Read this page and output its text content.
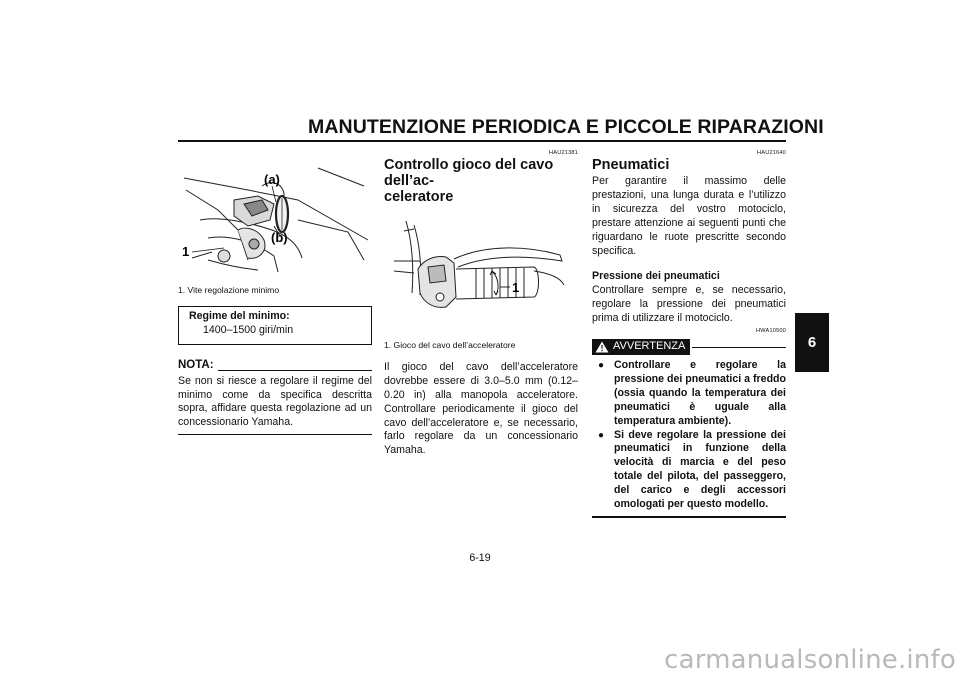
MANUTENZIONE PERIODICA E PICCOLE RIPARAZIONI
6
(a)
(b)
1
1. Vite regolazione minimo
Regime del minimo:
1400–1500 giri/min
NOTA:
Se non si riesce a regolare il regime del minimo come da specifica descritta sopra, affidare questa regolazione ad un concessionario Yamaha.
HAU21381
Controllo gioco del cavo dell’ac-
celeratore
1
1. Gioco del cavo dell’acceleratore
Il gioco del cavo dell’acceleratore dovrebbe essere di 3.0–5.0 mm (0.12–0.20 in) alla manopola acceleratore. Controllare periodicamente il gioco del cavo dell’acceleratore e, se necessario, farlo regolare da un concessionario Yamaha.
HAU21640
Pneumatici
Per garantire il massimo delle prestazioni, una lunga durata e l’utilizzo in sicurezza del vostro motociclo, prestare attenzione ai seguenti punti che riguardano le ruote prescritte secondo specifica.
Pressione dei pneumatici
Controllare sempre e, se necessario, regolare la pressione dei pneumatici prima di utilizzare il motociclo.
HWA10500
AVVERTENZA
● Controllare e regolare la pressione dei pneumatici a freddo (ossia quando la temperatura dei pneumatici è uguale alla temperatura ambiente).
● Si deve regolare la pressione dei pneumatici in funzione della velocità di marcia e del peso totale del pilota, del passeggero, del carico e degli accessori omologati per questo modello.
6-19
carmanualsonline.info
